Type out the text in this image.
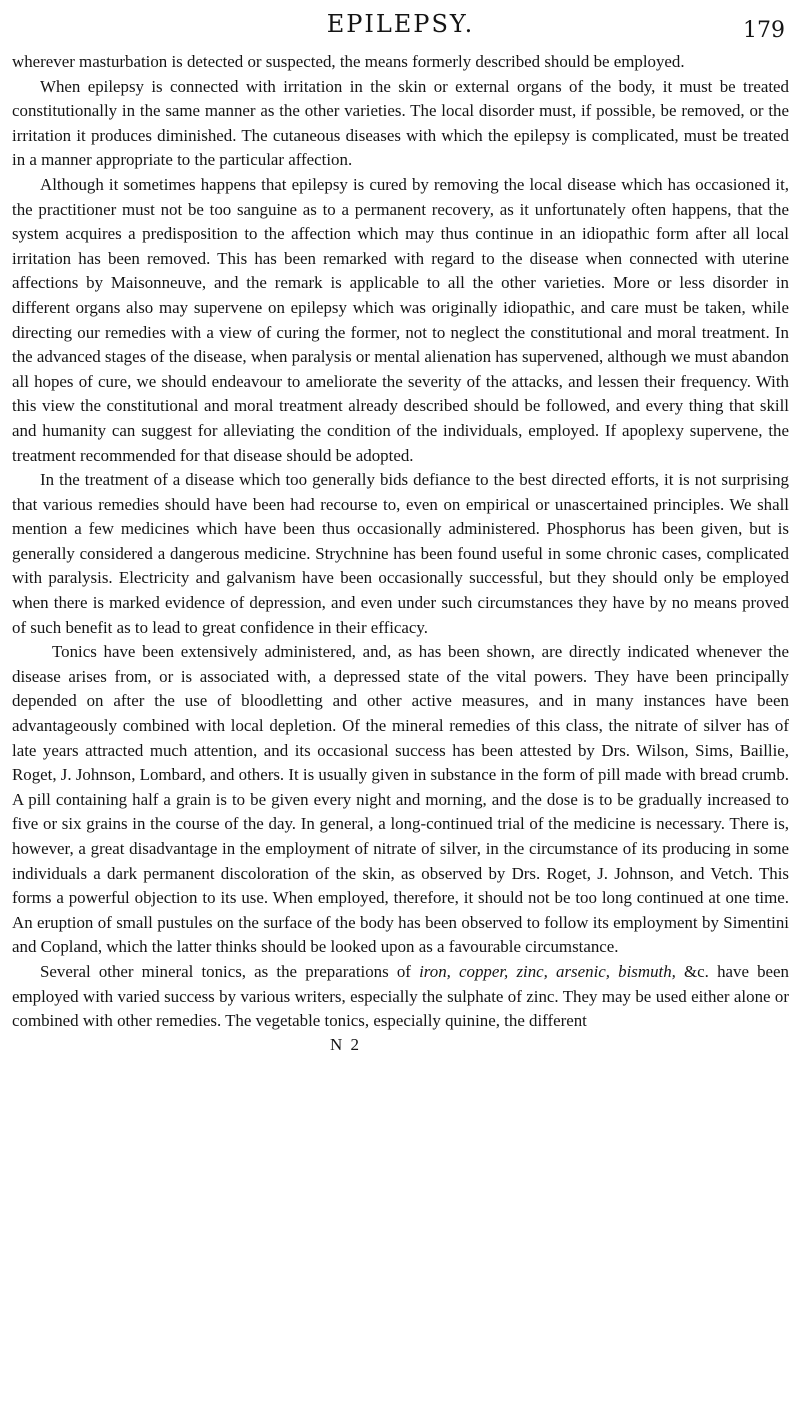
EPILEPSY.	179

wherever masturbation is detected or suspected, the means formerly described should be employed.

When epilepsy is connected with irritation in the skin or external organs of the body, it must be treated constitutionally in the same manner as the other varieties. The local disorder must, if possible, be removed, or the irritation it produces diminished. The cutaneous diseases with which the epilepsy is complicated, must be treated in a manner appropriate to the particular affection.

Although it sometimes happens that epilepsy is cured by removing the local disease which has occasioned it, the practitioner must not be too sanguine as to a permanent recovery, as it unfortunately often happens, that the system acquires a predisposition to the affection which may thus continue in an idiopathic form after all local irritation has been removed. This has been remarked with regard to the disease when connected with uterine affections by Maisonneuve, and the remark is applicable to all the other varieties. More or less disorder in different organs also may supervene on epilepsy which was originally idiopathic, and care must be taken, while directing our remedies with a view of curing the former, not to neglect the constitutional and moral treatment. In the advanced stages of the disease, when paralysis or mental alienation has supervened, although we must abandon all hopes of cure, we should endeavour to ameliorate the severity of the attacks, and lessen their frequency. With this view the constitutional and moral treatment already described should be followed, and every thing that skill and humanity can suggest for alleviating the condition of the individuals, employed. If apoplexy supervene, the treatment recommended for that disease should be adopted.

In the treatment of a disease which too generally bids defiance to the best directed efforts, it is not surprising that various remedies should have been had recourse to, even on empirical or unascertained principles. We shall mention a few medicines which have been thus occasionally administered. Phosphorus has been given, but is generally considered a dangerous medicine. Strychnine has been found useful in some chronic cases, complicated with paralysis. Electricity and galvanism have been occasionally successful, but they should only be employed when there is marked evidence of depression, and even under such circumstances they have by no means proved of such benefit as to lead to great confidence in their efficacy.

Tonics have been extensively administered, and, as has been shown, are directly indicated whenever the disease arises from, or is associated with, a depressed state of the vital powers. They have been principally depended on after the use of bloodletting and other active measures, and in many instances have been advantageously combined with local depletion. Of the mineral remedies of this class, the nitrate of silver has of late years attracted much attention, and its occasional success has been attested by Drs. Wilson, Sims, Baillie, Roget, J. Johnson, Lombard, and others. It is usually given in substance in the form of pill made with bread crumb. A pill containing half a grain is to be given every night and morning, and the dose is to be gradually increased to five or six grains in the course of the day. In general, a long-continued trial of the medicine is necessary. There is, however, a great disadvantage in the employment of nitrate of silver, in the circumstance of its producing in some individuals a dark permanent discoloration of the skin, as observed by Drs. Roget, J. Johnson, and Vetch. This forms a powerful objection to its use. When employed, therefore, it should not be too long continued at one time. An eruption of small pustules on the surface of the body has been observed to follow its employment by Simentini and Copland, which the latter thinks should be looked upon as a favourable circumstance.

Several other mineral tonics, as the preparations of iron, copper, zinc, arsenic, bismuth, &c. have been employed with varied success by various writers, especially the sulphate of zinc. They may be used either alone or combined with other remedies. The vegetable tonics, especially quinine, the different

N 2
